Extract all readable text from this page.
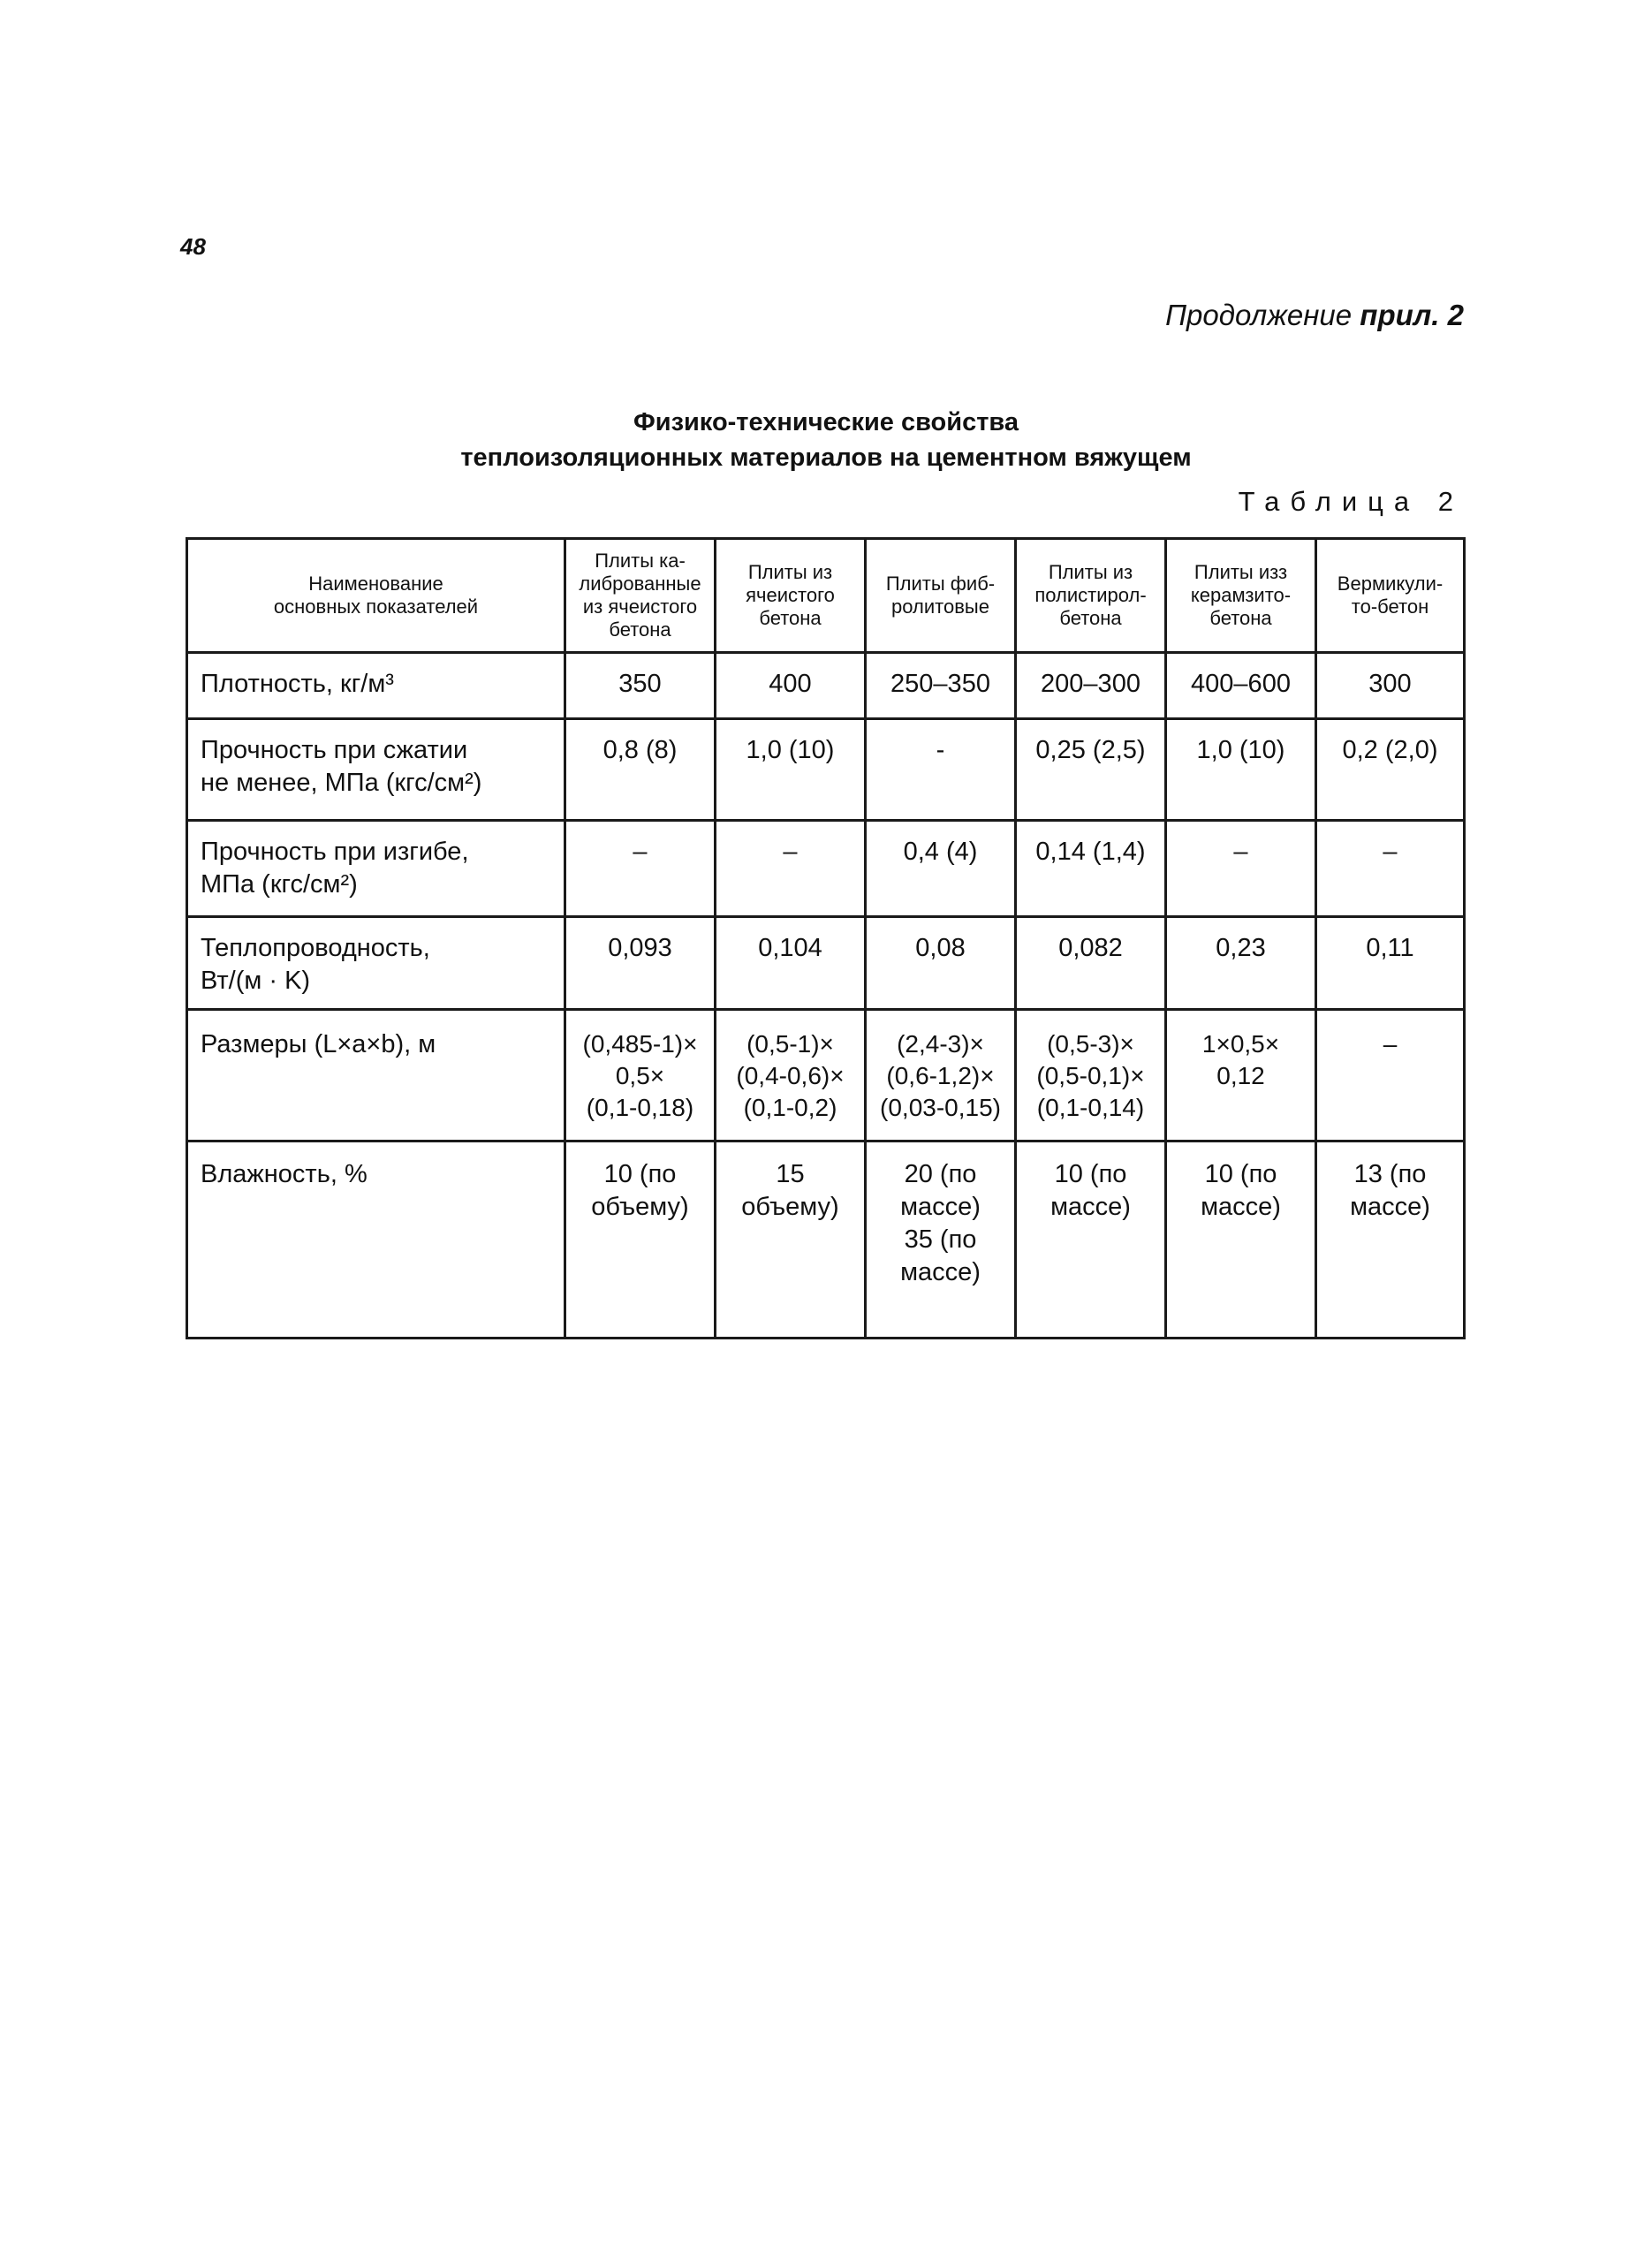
48
Продолжение прил. 2
Физико-технические свойства
теплоизоляционных материалов на цементном вяжущем
Таблица 2
Наименование
основных показателей	Плиты ка-
либрованные
из ячеистого
бетона	Плиты из
ячеистого
бетона	Плиты фиб-
ролитовые	Плиты из
полистирол-
бетона	Плиты изз
керамзито-
бетона	Вермикули-
то-бетон

Плотность, кг/м³	350	400	250–350	200–300	400–600	300

Прочность при сжатии
не менее, МПа (кгс/см²)	0,8 (8)	1,0 (10)	-	0,25 (2,5)	1,0 (10)	0,2 (2,0)

Прочность при изгибе,
МПа (кгс/см²)	–	–	0,4 (4)	0,14 (1,4)	–	–

Теплопроводность,
Вт/(м · K)	0,093	0,104	0,08	0,082	0,23	0,11

Размеры (L×a×b), м	(0,485-1)×
0,5×
(0,1-0,18)	(0,5-1)×
(0,4-0,6)×
(0,1-0,2)	(2,4-3)×
(0,6-1,2)×
(0,03-0,15)	(0,5-3)×
(0,5-0,1)×
(0,1-0,14)	1×0,5×
0,12	–

Влажность, %	10 (по
объему)	15
объему)	20 (по
массе)
35 (по
массе)	10 (по
массе)	10 (по
массе)	13 (по
массе)
